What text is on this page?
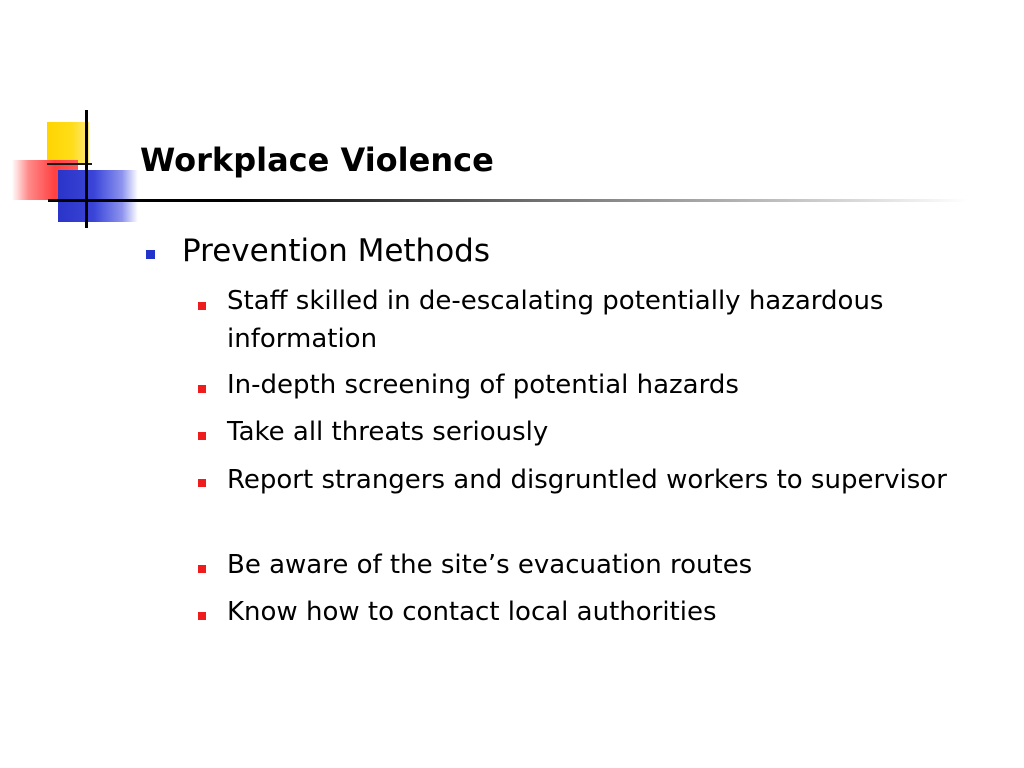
Workplace Violence
Prevention Methods
Staff skilled in de-escalating potentially hazardous information
In-depth screening of potential hazards
Take all threats seriously
Report strangers and disgruntled workers to supervisor
Be aware of the site’s evacuation routes
Know how to contact local authorities
